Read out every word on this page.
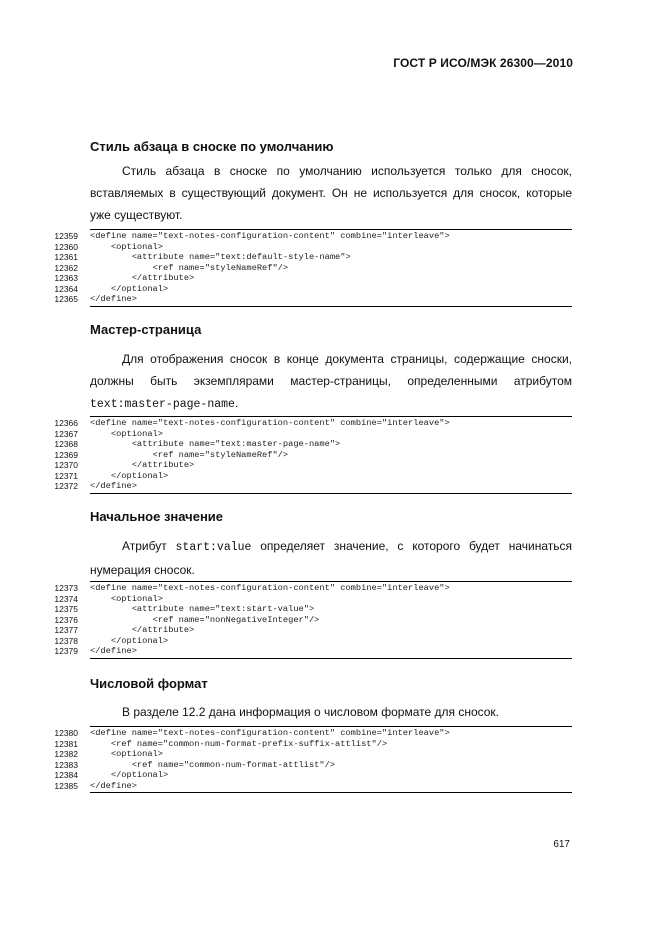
ГОСТ Р ИСО/МЭК 26300—2010
Стиль абзаца в сноске по умолчанию

Стиль абзаца в сноске по умолчанию используется только для сносок, вставляемых в существующий документ. Он не используется для сносок, которые уже существуют.

Мастер-страница

Для отображения сносок в конце документа страницы, содержащие сноски, должны быть экземплярами мастер-страницы, определенными атрибутом text:master-page-name.

Начальное значение

Атрибут start:value определяет значение, с которого будет начинаться нумерация сносок.

Числовой формат

В разделе 12.2 дана информация о числовом формате для сносок.

12359 <define name="text-notes-configuration-content" combine="interleave">
12360 <optional>
12361 <attribute name="text:default-style-name">
12362 <ref name="styleNameRef"/>
12363 </attribute>
12364 </optional>
12365 </define>
12366 <define name="text-notes-configuration-content" combine="interleave">
12367 <optional>
12368 <attribute name="text:master-page-name">
12369 <ref name="styleNameRef"/>
12370 </attribute>
12371 </optional>
12372 </define>
12373 <define name="text-notes-configuration-content" combine="interleave">
12374 <optional>
12375 <attribute name="text:start-value">
12376 <ref name="nonNegativeInteger"/>
12377 </attribute>
12378 </optional>
12379 </define>
12380 <define name="text-notes-configuration-content" combine="interleave">
12381 <ref name="common-num-format-prefix-suffix-attlist"/>
12382 <optional>
12383 <ref name="common-num-format-attlist"/>
12384 </optional>
12385 </define>
617
